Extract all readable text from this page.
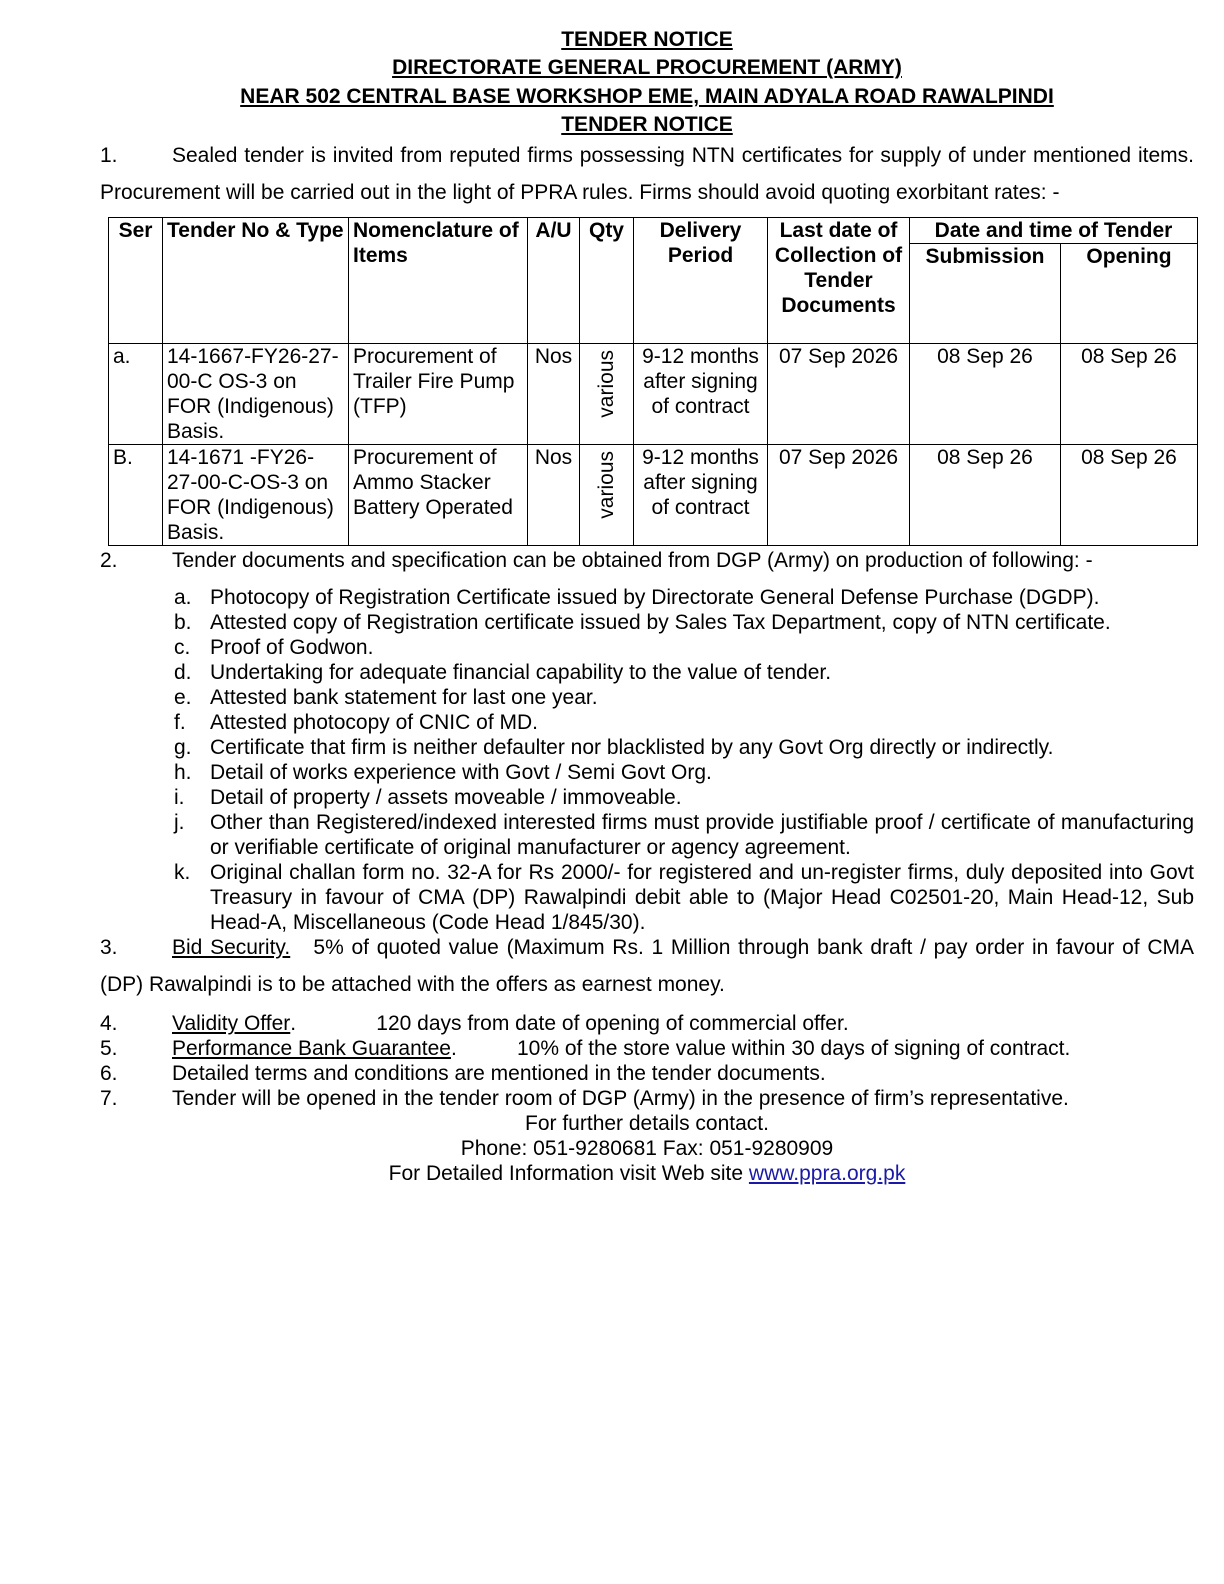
TENDER NOTICE
DIRECTORATE GENERAL PROCUREMENT (ARMY)
NEAR 502 CENTRAL BASE WORKSHOP EME, MAIN ADYALA ROAD RAWALPINDI
TENDER NOTICE
1.	Sealed tender is invited from reputed firms possessing NTN certificates for supply of under mentioned items. Procurement will be carried out in the light of PPRA rules. Firms should avoid quoting exorbitant rates: -
Ser	Tender No & Type	Nomenclature of Items	A/U	Qty	Delivery Period	Last date of Collection of Tender Documents	Date and time of Tender	
							Submission	Opening
a.	14-1667-FY26-27-00-C OS-3 on FOR (Indigenous) Basis.	Procurement of Trailer Fire Pump (TFP)	Nos	various	9-12 months after signing of contract	07 Sep 2026	08 Sep 26	08 Sep 26
B.	14-1671 -FY26-27-00-C-OS-3 on FOR (Indigenous) Basis.	Procurement of Ammo Stacker Battery Operated	Nos	various	9-12 months after signing of contract	07 Sep 2026	08 Sep 26	08 Sep 26
2.	Tender documents and specification can be obtained from DGP (Army) on production of following: -
a. Photocopy of Registration Certificate issued by Directorate General Defense Purchase (DGDP).
b. Attested copy of Registration certificate issued by Sales Tax Department, copy of NTN certificate.
c. Proof of Godwon.
d. Undertaking for adequate financial capability to the value of tender.
e. Attested bank statement for last one year.
f.	Attested photocopy of CNIC of MD.
g. Certificate that firm is neither defaulter nor blacklisted by any Govt Org directly or indirectly.
h. Detail of works experience with Govt / Semi Govt Org.
i.	Detail of property / assets moveable / immoveable.
j.	Other than Registered/indexed interested firms must provide justifiable proof / certificate of manufacturing or verifiable certificate of original manufacturer or agency agreement.
k. Original challan form no. 32-A for Rs 2000/- for registered and un-register firms, duly deposited into Govt Treasury in favour of CMA (DP) Rawalpindi debit able to (Major Head C02501-20, Main Head-12, Sub Head-A, Miscellaneous (Code Head 1/845/30).
3.	Bid Security. 5% of quoted value (Maximum Rs. 1 Million through bank draft / pay order in favour of CMA (DP) Rawalpindi is to be attached with the offers as earnest money.
4.	Validity Offer.	120 days from date of opening of commercial offer.
5.	Performance Bank Guarantee.	10% of the store value within 30 days of signing of contract.
6.	Detailed terms and conditions are mentioned in the tender documents.
7.	Tender will be opened in the tender room of DGP (Army) in the presence of firm’s representative.
For further details contact.
Phone: 051-9280681 Fax: 051-9280909
For Detailed Information visit Web site www.ppra.org.pk
